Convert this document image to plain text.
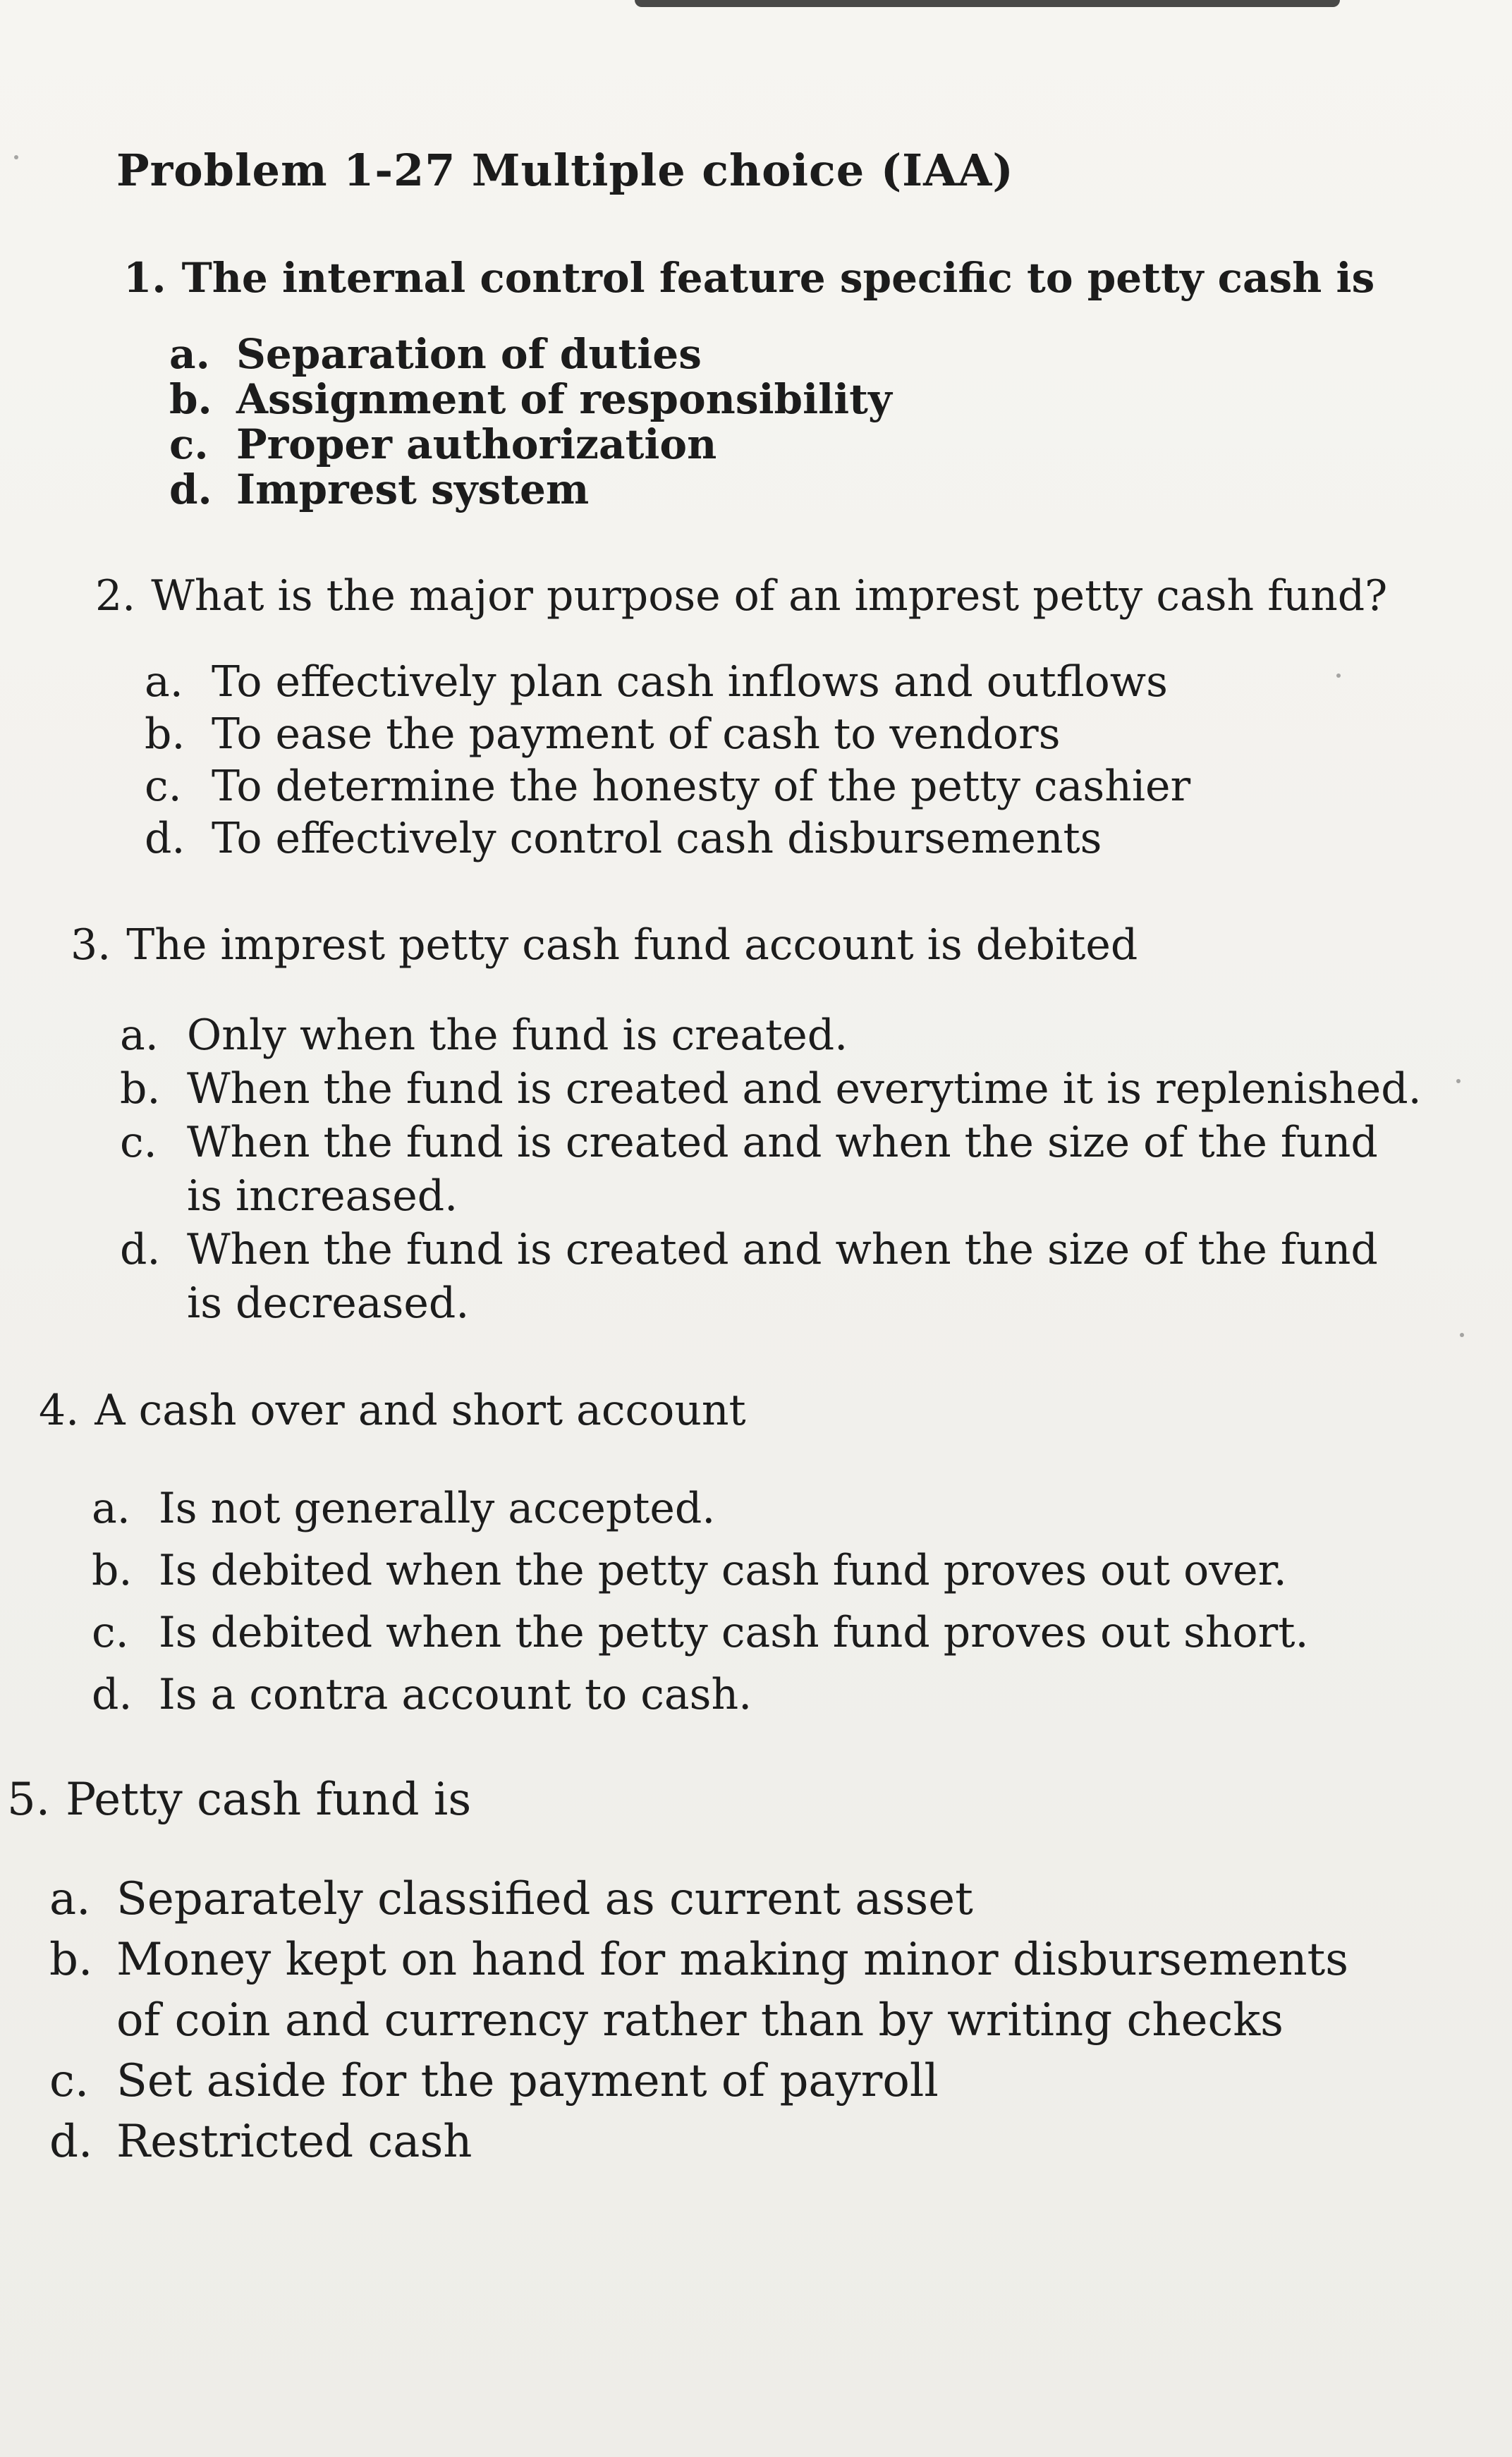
Problem 1-27 Multiple choice (IAA)
1. The internal control feature specific to petty cash is
a. Separation of duties
b. Assignment of responsibility
c. Proper authorization
d. Imprest system
2. What is the major purpose of an imprest petty cash fund?
a. To effectively plan cash inflows and outflows
b. To ease the payment of cash to vendors
c. To determine the honesty of the petty cashier
d. To effectively control cash disbursements
3. The imprest petty cash fund account is debited
a. Only when the fund is created.
b. When the fund is created and everytime it is replenished.
c. When the fund is created and when the size of the fund
is increased.
d. When the fund is created and when the size of the fund
is decreased.
4. A cash over and short account
a. Is not generally accepted.
b. Is debited when the petty cash fund proves out over.
c. Is debited when the petty cash fund proves out short.
d. Is a contra account to cash.
5. Petty cash fund is
a. Separately classified as current asset
b. Money kept on hand for making minor disbursements
of coin and currency rather than by writing checks
c. Set aside for the payment of payroll
d. Restricted cash
